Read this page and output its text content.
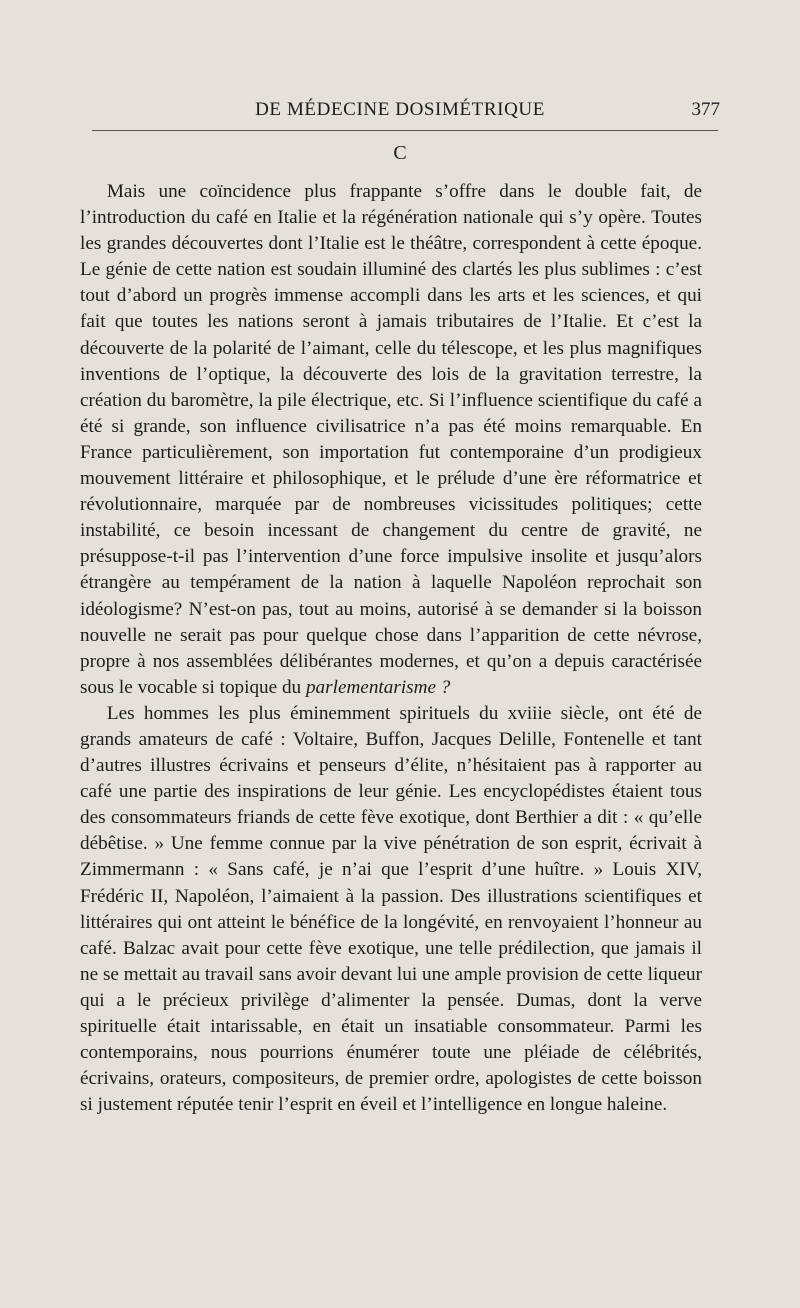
DE MÉDECINE DOSIMÉTRIQUE	377
C

Mais une coïncidence plus frappante s’offre dans le double fait, de l’introduction du café en Italie et la régénération nationale qui s’y opère. Toutes les grandes découvertes dont l’Italie est le théâtre, correspondent à cette époque. Le génie de cette nation est soudain illuminé des clartés les plus sublimes : c’est tout d’abord un progrès immense accompli dans les arts et les sciences, et qui fait que toutes les nations seront à jamais tributaires de l’Italie. Et c’est la découverte de la polarité de l’aimant, celle du télescope, et les plus magnifiques inventions de l’optique, la découverte des lois de la gravitation terrestre, la création du baromètre, la pile électrique, etc. Si l’influence scientifique du café a été si grande, son influence civilisatrice n’a pas été moins remarquable. En France particulièrement, son importation fut contemporaine d’un prodigieux mouvement littéraire et philosophique, et le prélude d’une ère réformatrice et révolutionnaire, marquée par de nombreuses vicissitudes politiques; cette instabilité, ce besoin incessant de changement du centre de gravité, ne présuppose-t-il pas l’intervention d’une force impulsive insolite et jusqu’alors étrangère au tempérament de la nation à laquelle Napoléon reprochait son idéologisme? N’est-on pas, tout au moins, autorisé à se demander si la boisson nouvelle ne serait pas pour quelque chose dans l’apparition de cette névrose, propre à nos assemblées délibérantes modernes, et qu’on a depuis caractérisée sous le vocable si topique du parlementarisme ?

Les hommes les plus éminemment spirituels du xviiie siècle, ont été de grands amateurs de café : Voltaire, Buffon, Jacques Delille, Fontenelle et tant d’autres illustres écrivains et penseurs d’élite, n’hésitaient pas à rapporter au café une partie des inspirations de leur génie. Les encyclopédistes étaient tous des consommateurs friands de cette fève exotique, dont Berthier a dit : « qu’elle débêtise. » Une femme connue par la vive pénétration de son esprit, écrivait à Zimmermann : « Sans café, je n’ai que l’esprit d’une huître. » Louis XIV, Frédéric II, Napoléon, l’aimaient à la passion. Des illustrations scientifiques et littéraires qui ont atteint le bénéfice de la longévité, en renvoyaient l’honneur au café. Balzac avait pour cette fève exotique, une telle prédilection, que jamais il ne se mettait au travail sans avoir devant lui une ample provision de cette liqueur qui a le précieux privilège d’alimenter la pensée. Dumas, dont la verve spirituelle était intarissable, en était un insatiable consommateur. Parmi les contemporains, nous pourrions énumérer toute une pléiade de célébrités, écrivains, orateurs, compositeurs, de premier ordre, apologistes de cette boisson si justement réputée tenir l’esprit en éveil et l’intelligence en longue haleine.
